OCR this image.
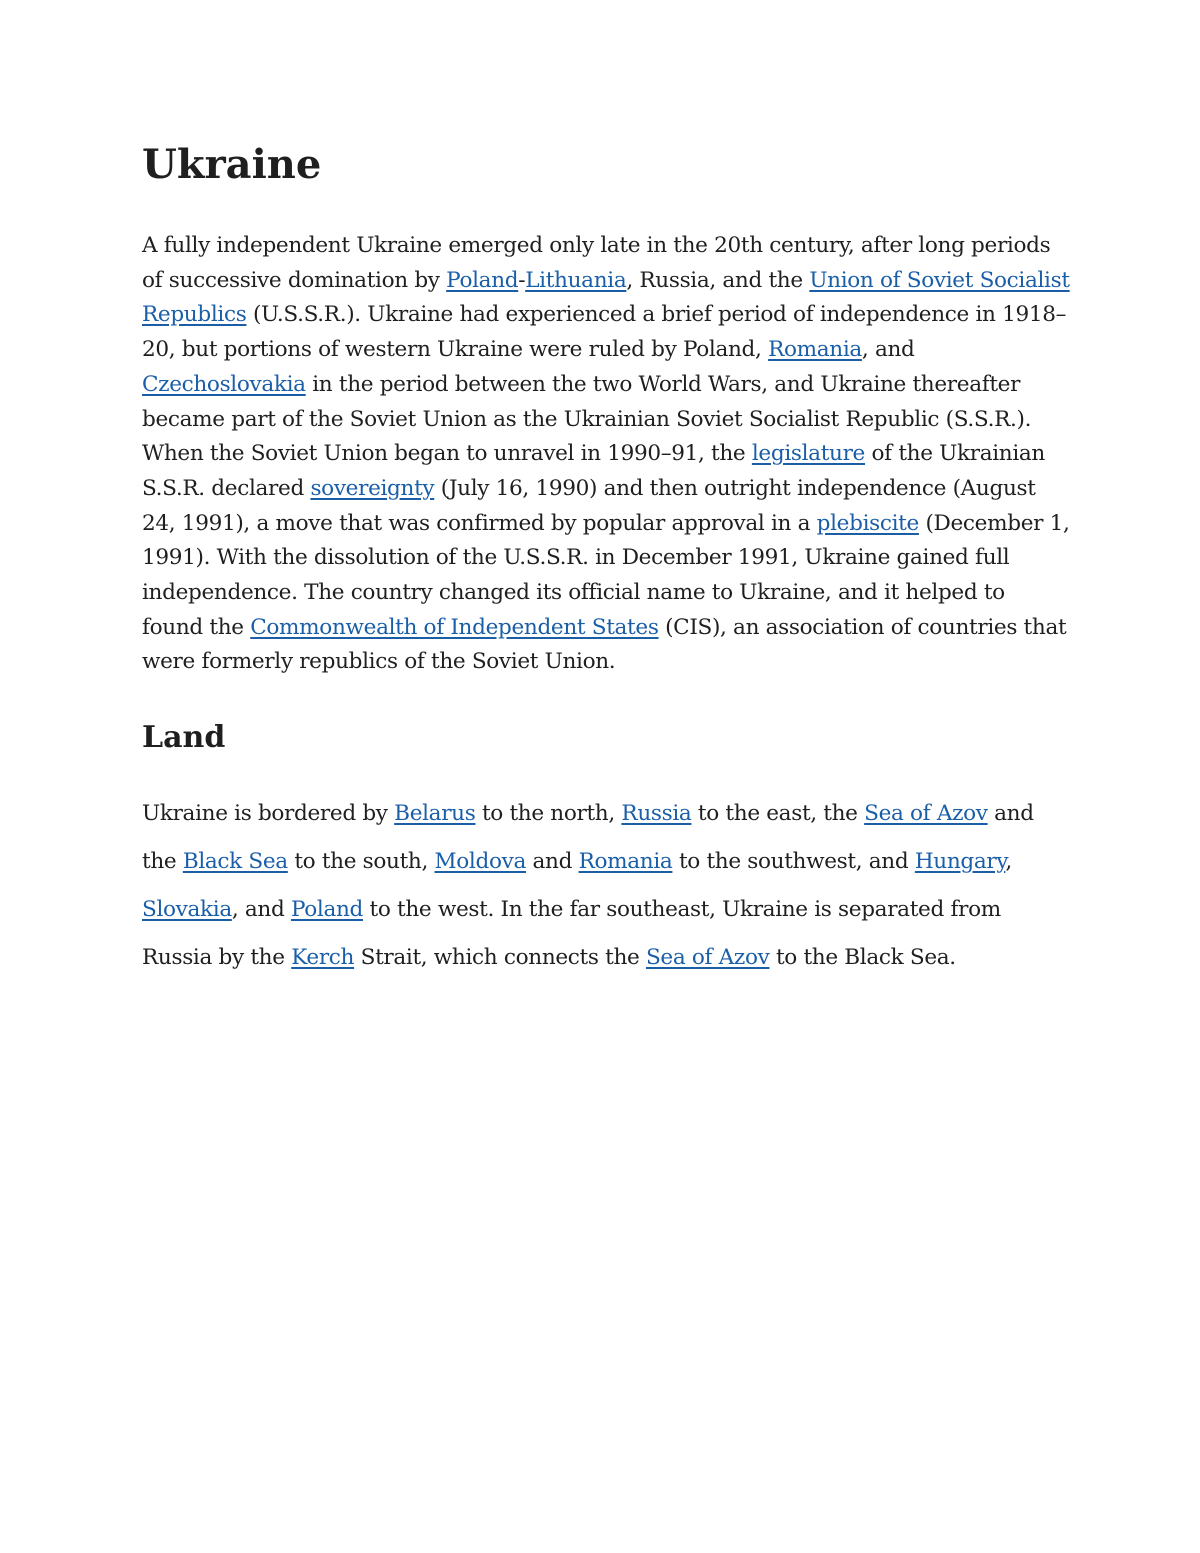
Ukraine

A fully independent Ukraine emerged only late in the 20th century, after long periods of successive domination by Poland-Lithuania, Russia, and the Union of Soviet Socialist Republics (U.S.S.R.). Ukraine had experienced a brief period of independence in 1918–20, but portions of western Ukraine were ruled by Poland, Romania, and Czechoslovakia in the period between the two World Wars, and Ukraine thereafter became part of the Soviet Union as the Ukrainian Soviet Socialist Republic (S.S.R.). When the Soviet Union began to unravel in 1990–91, the legislature of the Ukrainian S.S.R. declared sovereignty (July 16, 1990) and then outright independence (August 24, 1991), a move that was confirmed by popular approval in a plebiscite (December 1, 1991). With the dissolution of the U.S.S.R. in December 1991, Ukraine gained full independence. The country changed its official name to Ukraine, and it helped to found the Commonwealth of Independent States (CIS), an association of countries that were formerly republics of the Soviet Union.

Land

Ukraine is bordered by Belarus to the north, Russia to the east, the Sea of Azov and the Black Sea to the south, Moldova and Romania to the southwest, and Hungary, Slovakia, and Poland to the west. In the far southeast, Ukraine is separated from Russia by the Kerch Strait, which connects the Sea of Azov to the Black Sea.
